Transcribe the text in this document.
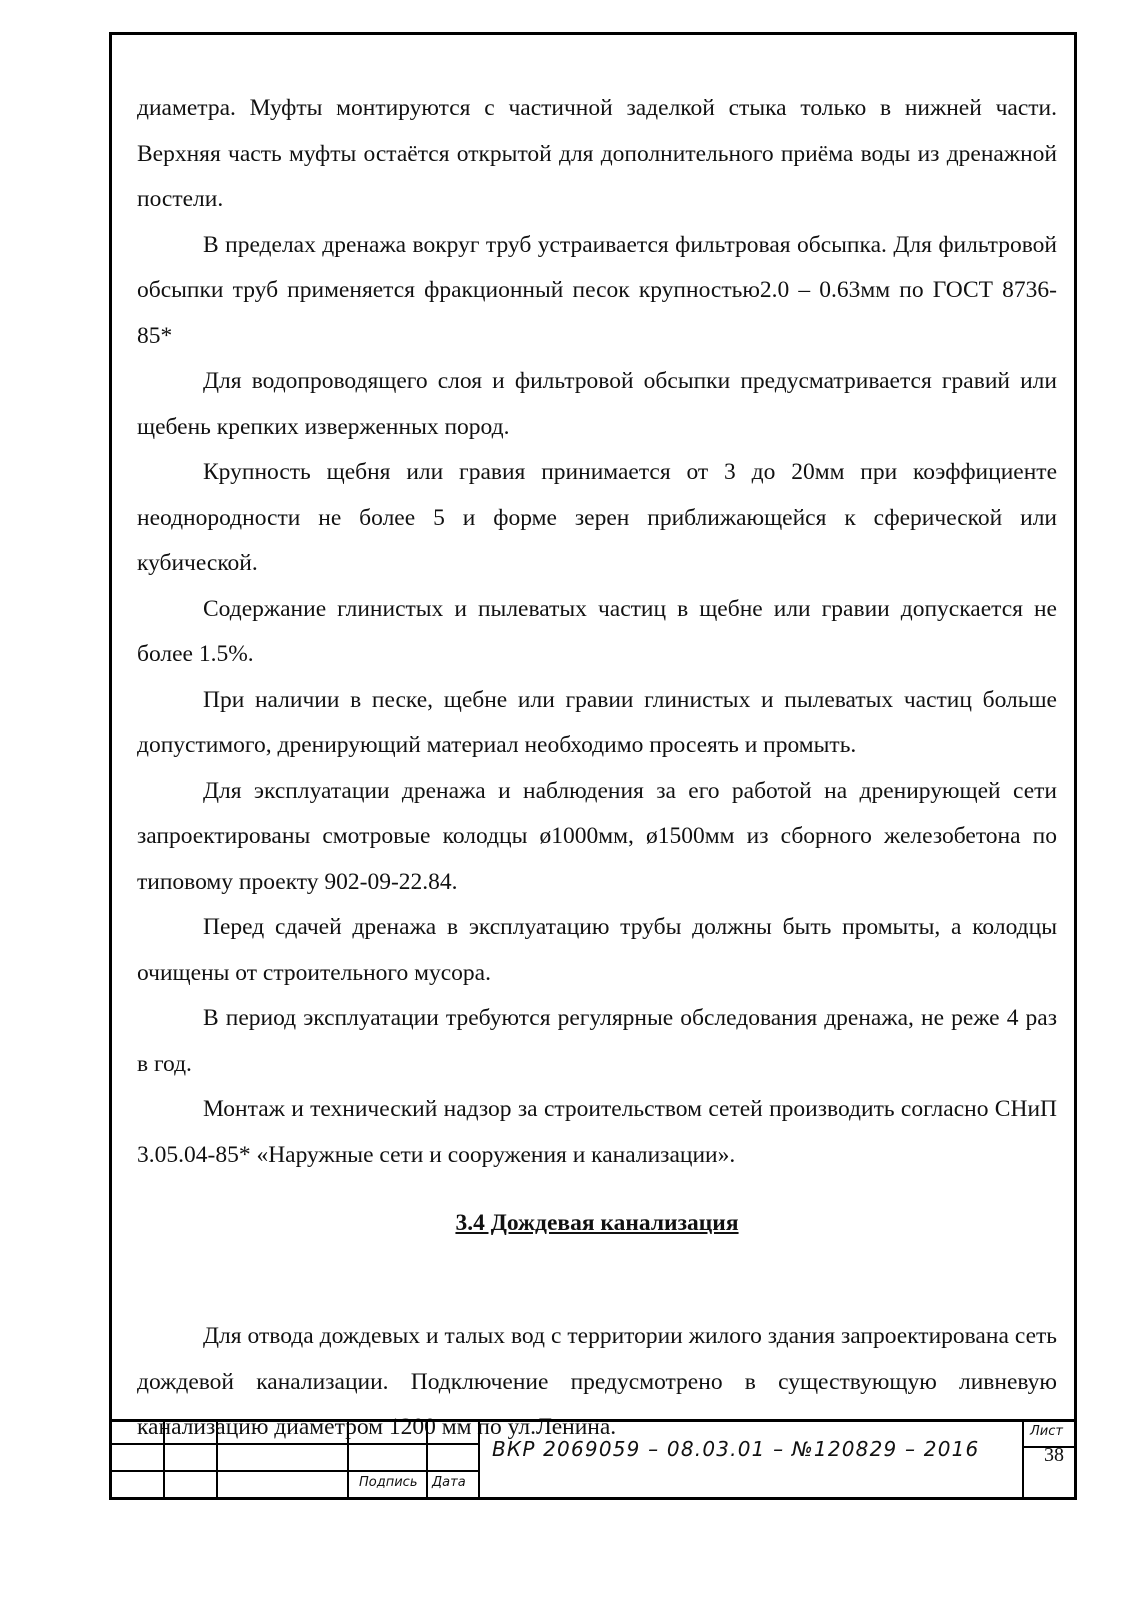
диаметра. Муфты монтируются с частичной заделкой стыка только в нижней части. Верхняя часть муфты остаётся открытой для дополнительного приёма воды из дренажной постели.

В пределах дренажа вокруг труб устраивается фильтровая обсыпка. Для фильтровой обсыпки труб применяется фракционный песок крупностью2.0 – 0.63мм по ГОСТ 8736-85*

Для водопроводящего слоя и фильтровой обсыпки предусматривается гравий или щебень крепких изверженных пород.

Крупность щебня или гравия принимается от 3 до 20мм при коэффициенте неоднородности не более 5 и форме зерен приближающейся к сферической или кубической.

Содержание глинистых и пылеватых частиц в щебне или гравии допускается не более 1.5%.

При наличии в песке, щебне или гравии глинистых и пылеватых частиц больше допустимого, дренирующий материал необходимо просеять и промыть.

Для эксплуатации дренажа и наблюдения за его работой на дренирующей сети запроектированы смотровые колодцы ø1000мм, ø1500мм из сборного железобетона по типовому проекту 902-09-22.84.

Перед сдачей дренажа в эксплуатацию трубы должны быть промыты, а колодцы очищены от строительного мусора.

В период эксплуатации требуются регулярные обследования дренажа, не реже 4 раз в год.

Монтаж и технический надзор за строительством сетей производить согласно СНиП 3.05.04-85* «Наружные сети и сооружения и канализации».

3.4 Дождевая канализация

Для отвода дождевых и талых вод с территории жилого здания запроектирована сеть дождевой канализации. Подключение предусмотрено в существующую ливневую канализацию диаметром 1200 мм по ул.Ленина.

Подпись Дата
ВКР 2069059 – 08.03.01 – №120829 – 2016
Лист
38
